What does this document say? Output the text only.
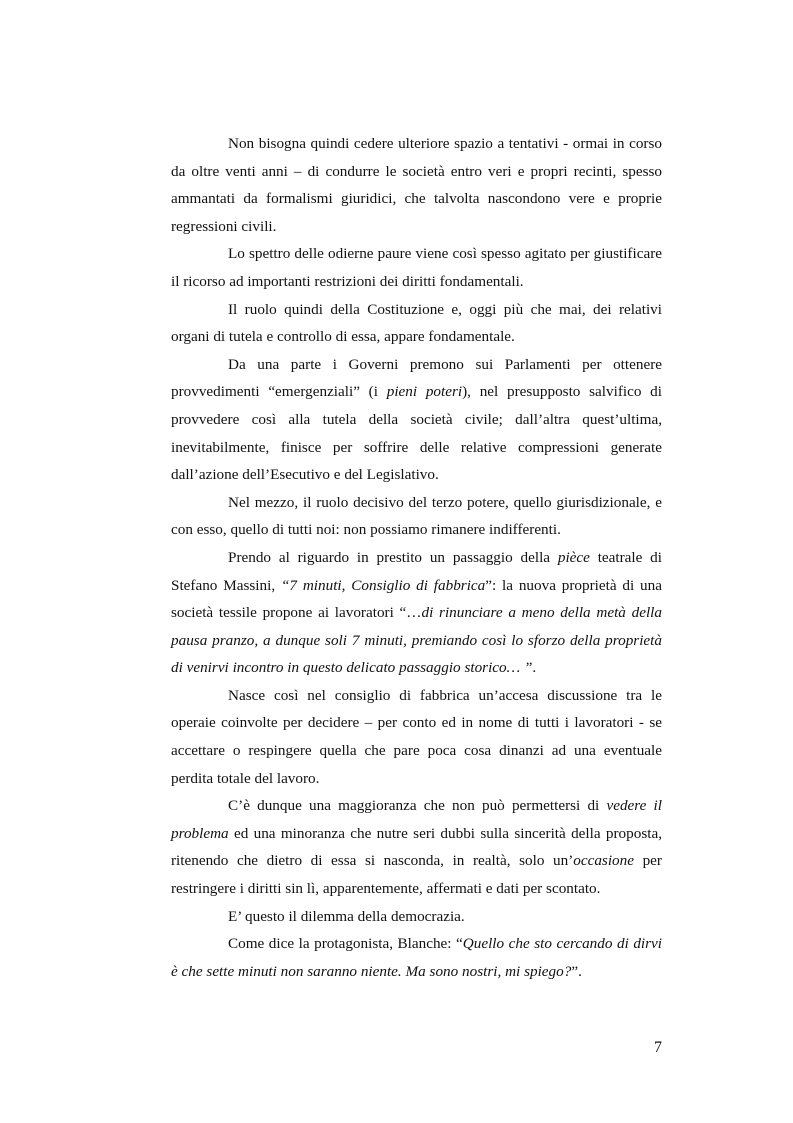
Non bisogna quindi cedere ulteriore spazio a tentativi - ormai in corso da oltre venti anni – di condurre le società entro veri e propri recinti, spesso ammantati da formalismi giuridici, che talvolta nascondono vere e proprie regressioni civili.

Lo spettro delle odierne paure viene così spesso agitato per giustificare il ricorso ad importanti restrizioni dei diritti fondamentali.

Il ruolo quindi della Costituzione e, oggi più che mai, dei relativi organi di tutela e controllo di essa, appare fondamentale.

Da una parte i Governi premono sui Parlamenti per ottenere provvedimenti “emergenziali” (i pieni poteri), nel presupposto salvifico di provvedere così alla tutela della società civile; dall’altra quest’ultima, inevitabilmente, finisce per soffrire delle relative compressioni generate dall’azione dell’Esecutivo e del Legislativo.

Nel mezzo, il ruolo decisivo del terzo potere, quello giurisdizionale, e con esso, quello di tutti noi: non possiamo rimanere indifferenti.

Prendo al riguardo in prestito un passaggio della pièce teatrale di Stefano Massini, “7 minuti, Consiglio di fabbrica”: la nuova proprietà di una società tessile propone ai lavoratori “…di rinunciare a meno della metà della pausa pranzo, a dunque soli 7 minuti, premiando così lo sforzo della proprietà di venirvi incontro in questo delicato passaggio storico… ”.

Nasce così nel consiglio di fabbrica un’accesa discussione tra le operaie coinvolte per decidere – per conto ed in nome di tutti i lavoratori - se accettare o respingere quella che pare poca cosa dinanzi ad una eventuale perdita totale del lavoro.

C’è dunque una maggioranza che non può permettersi di vedere il problema ed una minoranza che nutre seri dubbi sulla sincerità della proposta, ritenendo che dietro di essa si nasconda, in realtà, solo un’occasione per restringere i diritti sin lì, apparentemente, affermati e dati per scontato.

E’ questo il dilemma della democrazia.

Come dice la protagonista, Blanche: “Quello che sto cercando di dirvi è che sette minuti non saranno niente. Ma sono nostri, mi spiego?”.

7
